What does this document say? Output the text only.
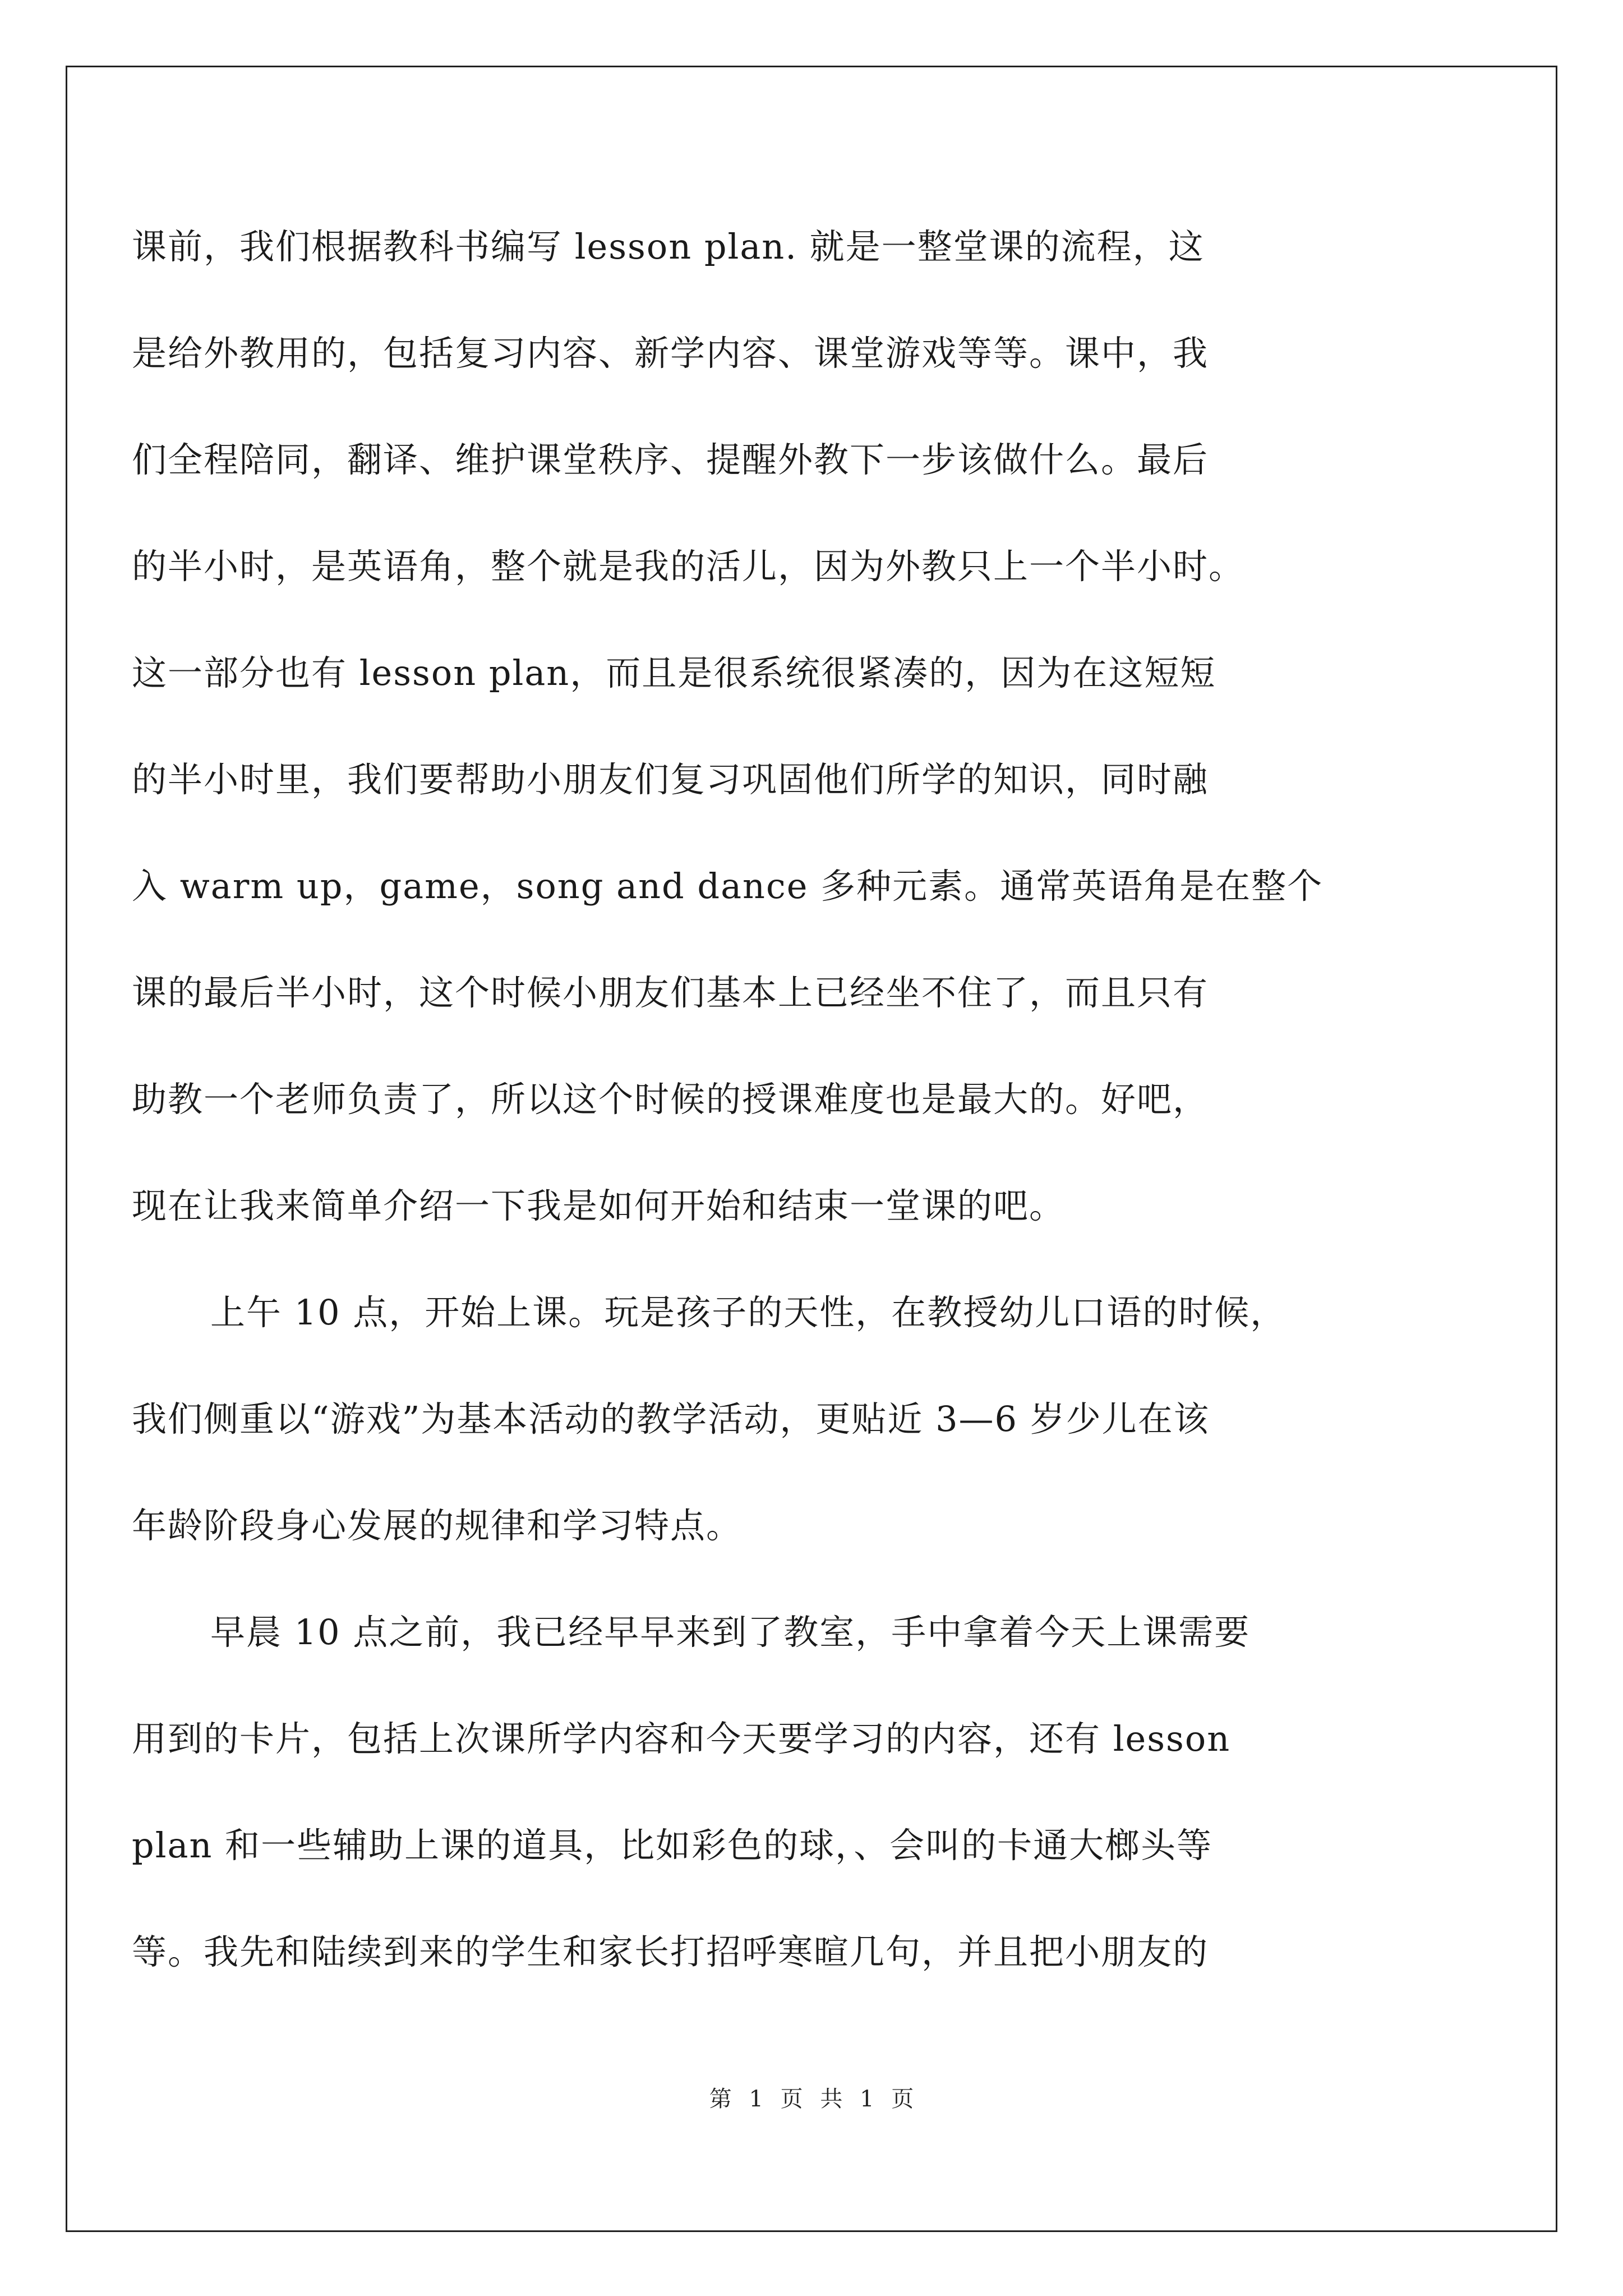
课前，我们根据教科书编写 lesson plan. 就是一整堂课的流程，这
是给外教用的，包括复习内容、新学内容、课堂游戏等等。课中，我
们全程陪同，翻译、维护课堂秩序、提醒外教下一步该做什么。最后
的半小时，是英语角，整个就是我的活儿，因为外教只上一个半小时。
这一部分也有 lesson plan，而且是很系统很紧凑的，因为在这短短
的半小时里，我们要帮助小朋友们复习巩固他们所学的知识，同时融
入 warm up，game，song and dance 多种元素。通常英语角是在整个
课的最后半小时，这个时候小朋友们基本上已经坐不住了，而且只有
助教一个老师负责了，所以这个时候的授课难度也是最大的。好吧，
现在让我来简单介绍一下我是如何开始和结束一堂课的吧。
上午 10 点，开始上课。玩是孩子的天性，在教授幼儿口语的时候，
我们侧重以“游戏”为基本活动的教学活动，更贴近 3—6 岁少儿在该
年龄阶段身心发展的规律和学习特点。
早晨 10 点之前，我已经早早来到了教室，手中拿着今天上课需要
用到的卡片，包括上次课所学内容和今天要学习的内容，还有 lesson
plan 和一些辅助上课的道具，比如彩色的球，、会叫的卡通大榔头等
等。我先和陆续到来的学生和家长打招呼寒暄几句，并且把小朋友的
第 1 页 共 1 页
